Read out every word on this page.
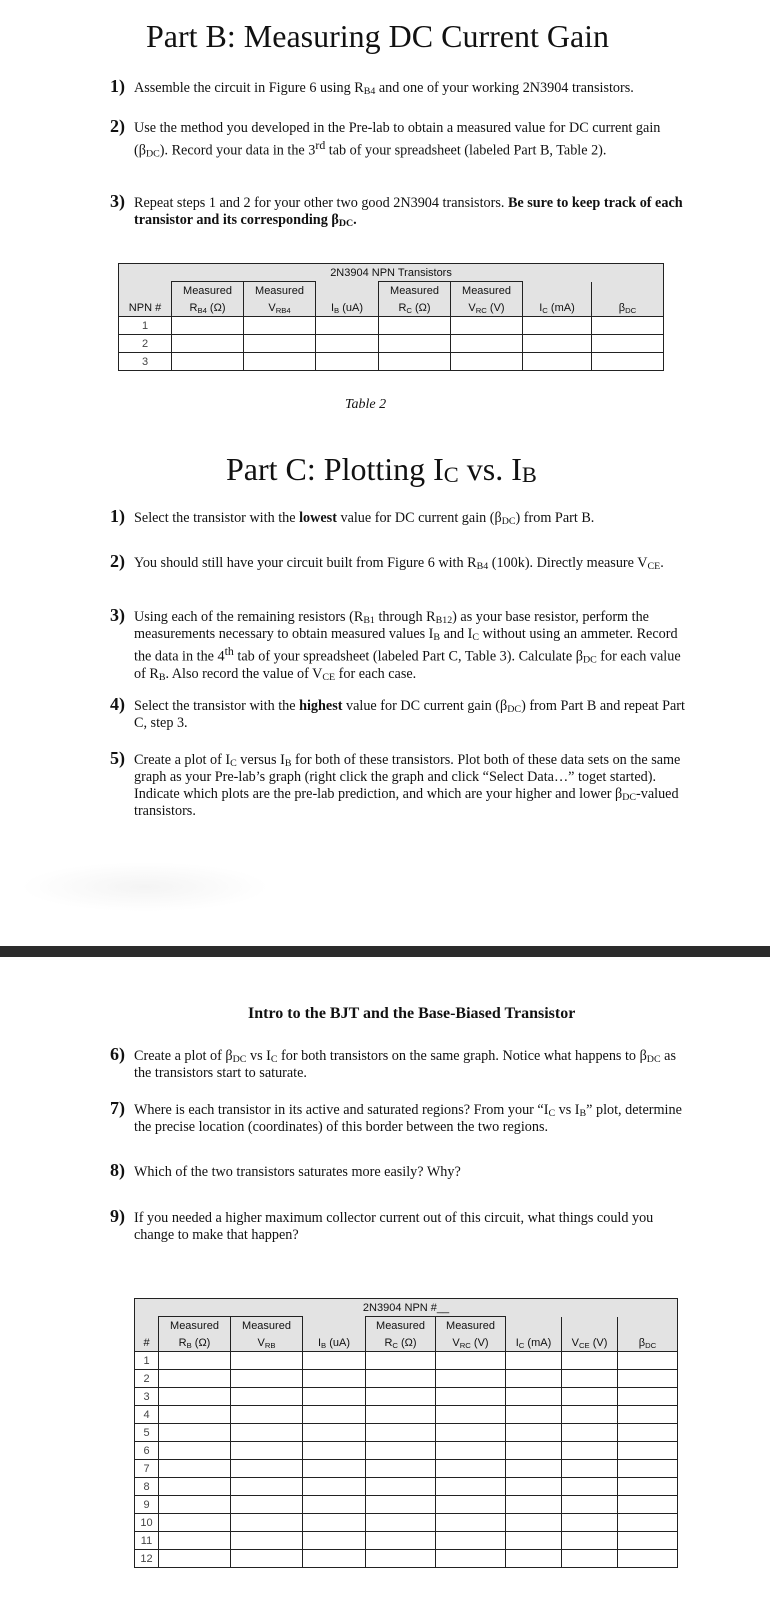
Part B: Measuring DC Current Gain
1) Assemble the circuit in Figure 6 using $R_{B4}$ and one of your working 2N3904 transistors.
2) Use the method you developed in the Pre-lab to obtain a measured value for DC current gain $(\beta_{DC})$. Record your data in the 3rd tab of your spreadsheet (labeled Part B, Table 2).
3) Repeat steps 1 and 2 for your other two good 2N3904 transistors. Be sure to keep track of each transistor and its corresponding $\beta_{DC}$.
2N3904 NPN Transistors							
	Measured	Measured		Measured	Measured		
NPN #	$R_{B4}$ (Ω)	$V_{RB4}$	$I_B$ (uA)	$R_C$ (Ω)	$V_{RC}$ (V)	$I_C$ (mA)	$\beta_{DC}$
1							
2							
3							
Table 2
Part C: Plotting $I_C$ vs. $I_B$
1) Select the transistor with the lowest value for DC current gain $(\beta_{DC})$ from Part B.
2) You should still have your circuit built from Figure 6 with $R_{B4}$ (100k). Directly measure $V_{CE}$.
3) Using each of the remaining resistors ($R_{B1}$ through $R_{B12}$) as your base resistor, perform the measurements necessary to obtain measured values $I_B$ and $I_C$ without using an ammeter. Record the data in the 4th tab of your spreadsheet (labeled Part C, Table 3). Calculate $\beta_{DC}$ for each value of $R_B$. Also record the value of $V_{CE}$ for each case.
4) Select the transistor with the highest value for DC current gain $(\beta_{DC})$ from Part B and repeat Part C, step 3.
5) Create a plot of $I_C$ versus $I_B$ for both of these transistors. Plot both of these data sets on the same graph as your Pre-lab’s graph (right click the graph and click “Select Data…” toget started). Indicate which plots are the pre-lab prediction, and which are your higher and lower $\beta_{DC}$-valued transistors.
Intro to the BJT and the Base-Biased Transistor
6) Create a plot of $\beta_{DC}$ vs $I_C$ for both transistors on the same graph. Notice what happens to $\beta_{DC}$ as the transistors start to saturate.
7) Where is each transistor in its active and saturated regions? From your “$I_C$ vs $I_B$” plot, determine the precise location (coordinates) of this border between the two regions.
8) Which of the two transistors saturates more easily? Why?
9) If you needed a higher maximum collector current out of this circuit, what things could you change to make that happen?
2N3904 NPN #__								
	Measured	Measured		Measured	Measured			
#	$R_B$ (Ω)	$V_{RB}$	$I_B$ (uA)	$R_C$ (Ω)	$V_{RC}$ (V)	$I_C$ (mA)	$V_{CE}$ (V)	$\beta_{DC}$
1								
2								
3								
4								
5								
6								
7								
8								
9								
10								
11								
12								
